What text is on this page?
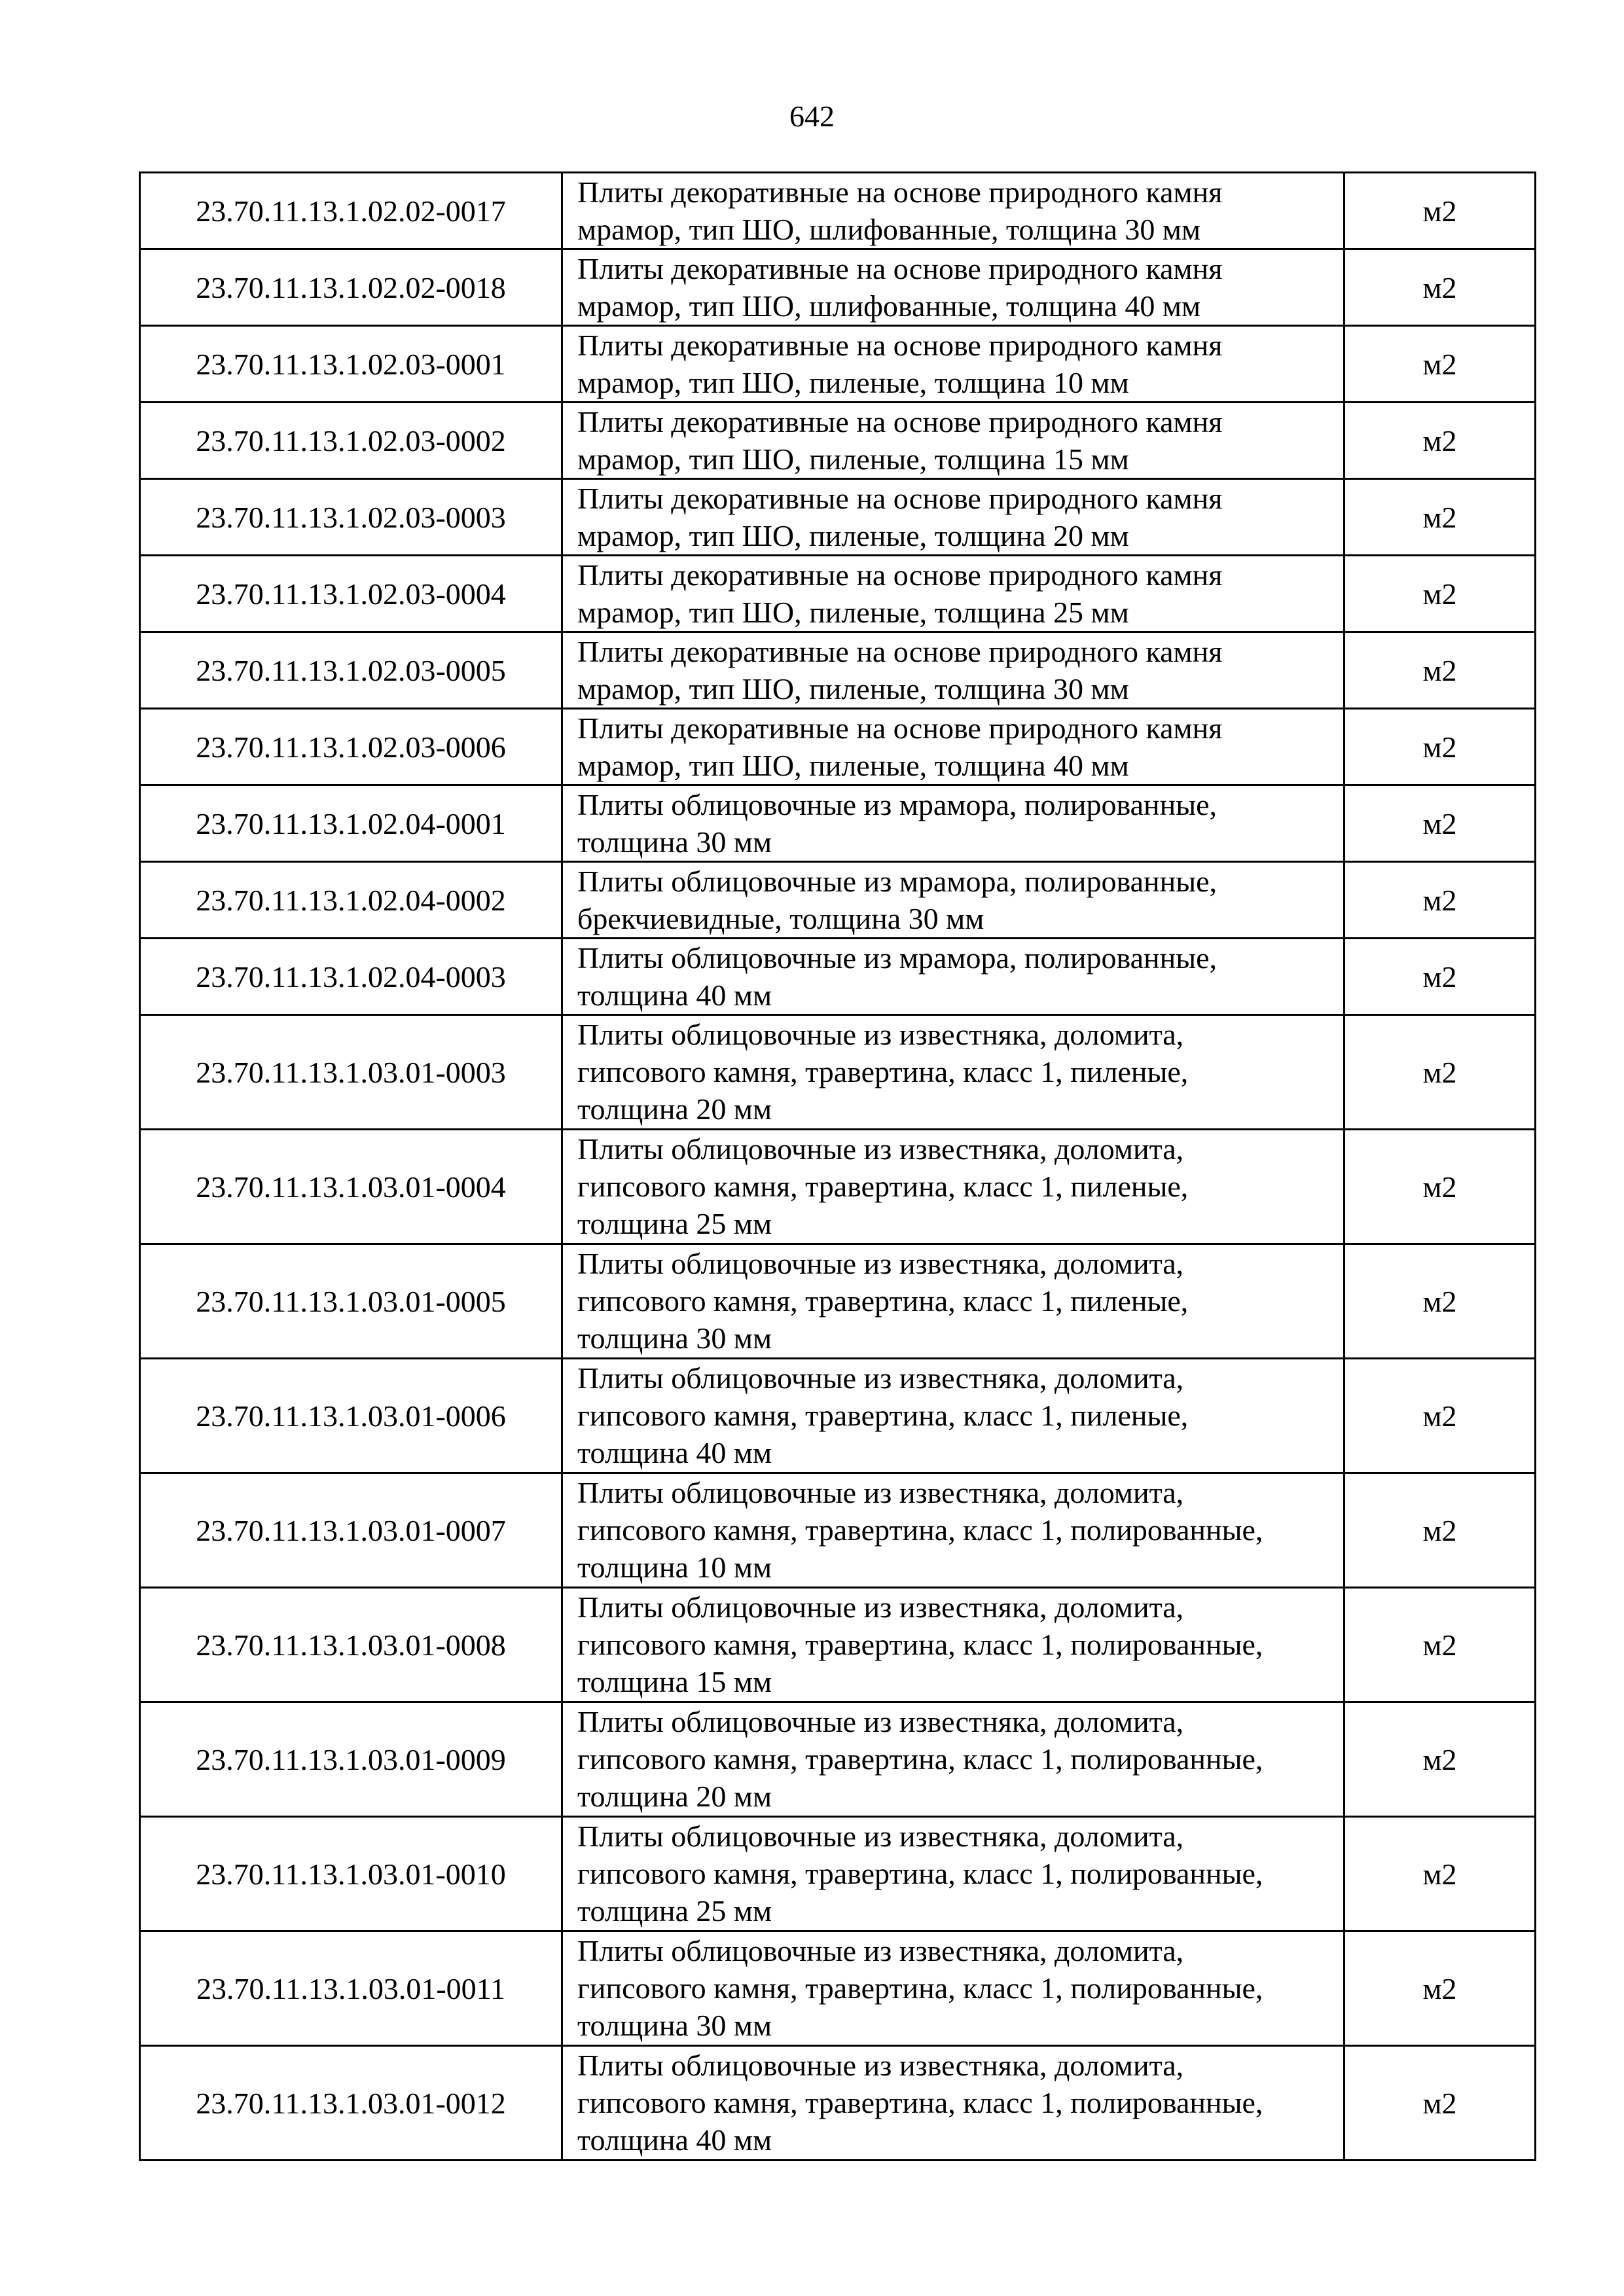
642
23.70.11.13.1.02.02-0017	Плиты декоративные на основе природного камня
мрамор, тип ШО, шлифованные, толщина 30 мм	м2
23.70.11.13.1.02.02-0018	Плиты декоративные на основе природного камня
мрамор, тип ШО, шлифованные, толщина 40 мм	м2
23.70.11.13.1.02.03-0001	Плиты декоративные на основе природного камня
мрамор, тип ШО, пиленые, толщина 10 мм	м2
23.70.11.13.1.02.03-0002	Плиты декоративные на основе природного камня
мрамор, тип ШО, пиленые, толщина 15 мм	м2
23.70.11.13.1.02.03-0003	Плиты декоративные на основе природного камня
мрамор, тип ШО, пиленые, толщина 20 мм	м2
23.70.11.13.1.02.03-0004	Плиты декоративные на основе природного камня
мрамор, тип ШО, пиленые, толщина 25 мм	м2
23.70.11.13.1.02.03-0005	Плиты декоративные на основе природного камня
мрамор, тип ШО, пиленые, толщина 30 мм	м2
23.70.11.13.1.02.03-0006	Плиты декоративные на основе природного камня
мрамор, тип ШО, пиленые, толщина 40 мм	м2
23.70.11.13.1.02.04-0001	Плиты облицовочные из мрамора, полированные,
толщина 30 мм	м2
23.70.11.13.1.02.04-0002	Плиты облицовочные из мрамора, полированные,
брекчиевидные, толщина 30 мм	м2
23.70.11.13.1.02.04-0003	Плиты облицовочные из мрамора, полированные,
толщина 40 мм	м2
23.70.11.13.1.03.01-0003	Плиты облицовочные из известняка, доломита,
гипсового камня, травертина, класс 1, пиленые,
толщина 20 мм	м2
23.70.11.13.1.03.01-0004	Плиты облицовочные из известняка, доломита,
гипсового камня, травертина, класс 1, пиленые,
толщина 25 мм	м2
23.70.11.13.1.03.01-0005	Плиты облицовочные из известняка, доломита,
гипсового камня, травертина, класс 1, пиленые,
толщина 30 мм	м2
23.70.11.13.1.03.01-0006	Плиты облицовочные из известняка, доломита,
гипсового камня, травертина, класс 1, пиленые,
толщина 40 мм	м2
23.70.11.13.1.03.01-0007	Плиты облицовочные из известняка, доломита,
гипсового камня, травертина, класс 1, полированные,
толщина 10 мм	м2
23.70.11.13.1.03.01-0008	Плиты облицовочные из известняка, доломита,
гипсового камня, травертина, класс 1, полированные,
толщина 15 мм	м2
23.70.11.13.1.03.01-0009	Плиты облицовочные из известняка, доломита,
гипсового камня, травертина, класс 1, полированные,
толщина 20 мм	м2
23.70.11.13.1.03.01-0010	Плиты облицовочные из известняка, доломита,
гипсового камня, травертина, класс 1, полированные,
толщина 25 мм	м2
23.70.11.13.1.03.01-0011	Плиты облицовочные из известняка, доломита,
гипсового камня, травертина, класс 1, полированные,
толщина 30 мм	м2
23.70.11.13.1.03.01-0012	Плиты облицовочные из известняка, доломита,
гипсового камня, травертина, класс 1, полированные,
толщина 40 мм	м2
